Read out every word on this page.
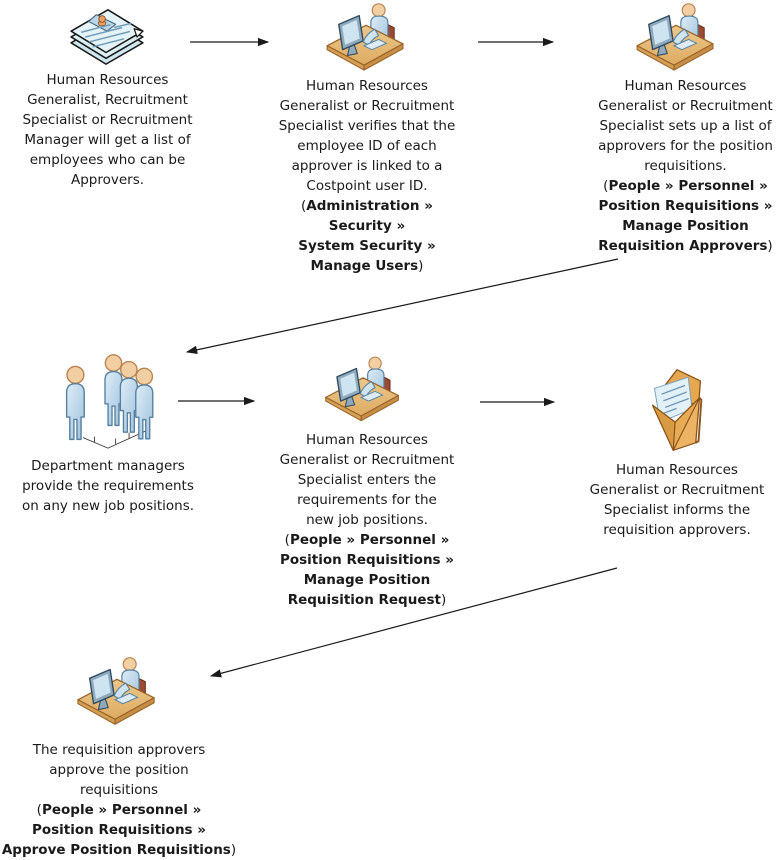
Human Resources
Generalist, Recruitment
Specialist or Recruitment
Manager will get a list of
employees who can be
Approvers.
Human Resources
Generalist or Recruitment
Specialist verifies that the
employee ID of each
approver is linked to a
Costpoint user ID.
(Administration »
Security »
System Security »
Manage Users)
Human Resources
Generalist or Recruitment
Specialist sets up a list of
approvers for the position
requisitions.
(People » Personnel »
Position Requisitions »
Manage Position
Requisition Approvers)
Department managers
provide the requirements
on any new job positions.
Human Resources
Generalist or Recruitment
Specialist enters the
requirements for the
new job positions.
(People » Personnel »
Position Requisitions »
Manage Position
Requisition Request)
Human Resources
Generalist or Recruitment
Specialist informs the
requisition approvers.
The requisition approvers
approve the position
requisitions
(People » Personnel »
Position Requisitions »
Approve Position Requisitions)
